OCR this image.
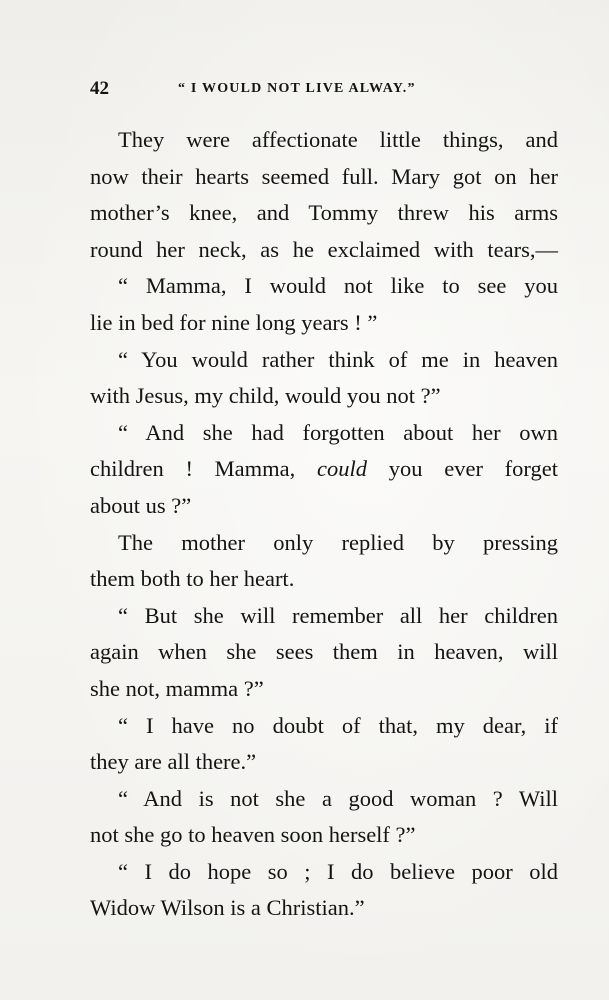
42	“ I WOULD NOT LIVE ALWAY.”
They were affectionate little things, and
now their hearts seemed full. Mary got on her
mother’s knee, and Tommy threw his arms
round her neck, as he exclaimed with tears,—
“ Mamma, I would not like to see you
lie in bed for nine long years ! ”
“ You would rather think of me in heaven
with Jesus, my child, would you not ?”
“ And she had forgotten about her own
children ! Mamma, could you ever forget
about us ?”
The mother only replied by pressing
them both to her heart.
“ But she will remember all her children
again when she sees them in heaven, will
she not, mamma ?”
“ I have no doubt of that, my dear, if
they are all there.”
“ And is not she a good woman ? Will
not she go to heaven soon herself ?”
“ I do hope so ; I do believe poor old
Widow Wilson is a Christian.”
